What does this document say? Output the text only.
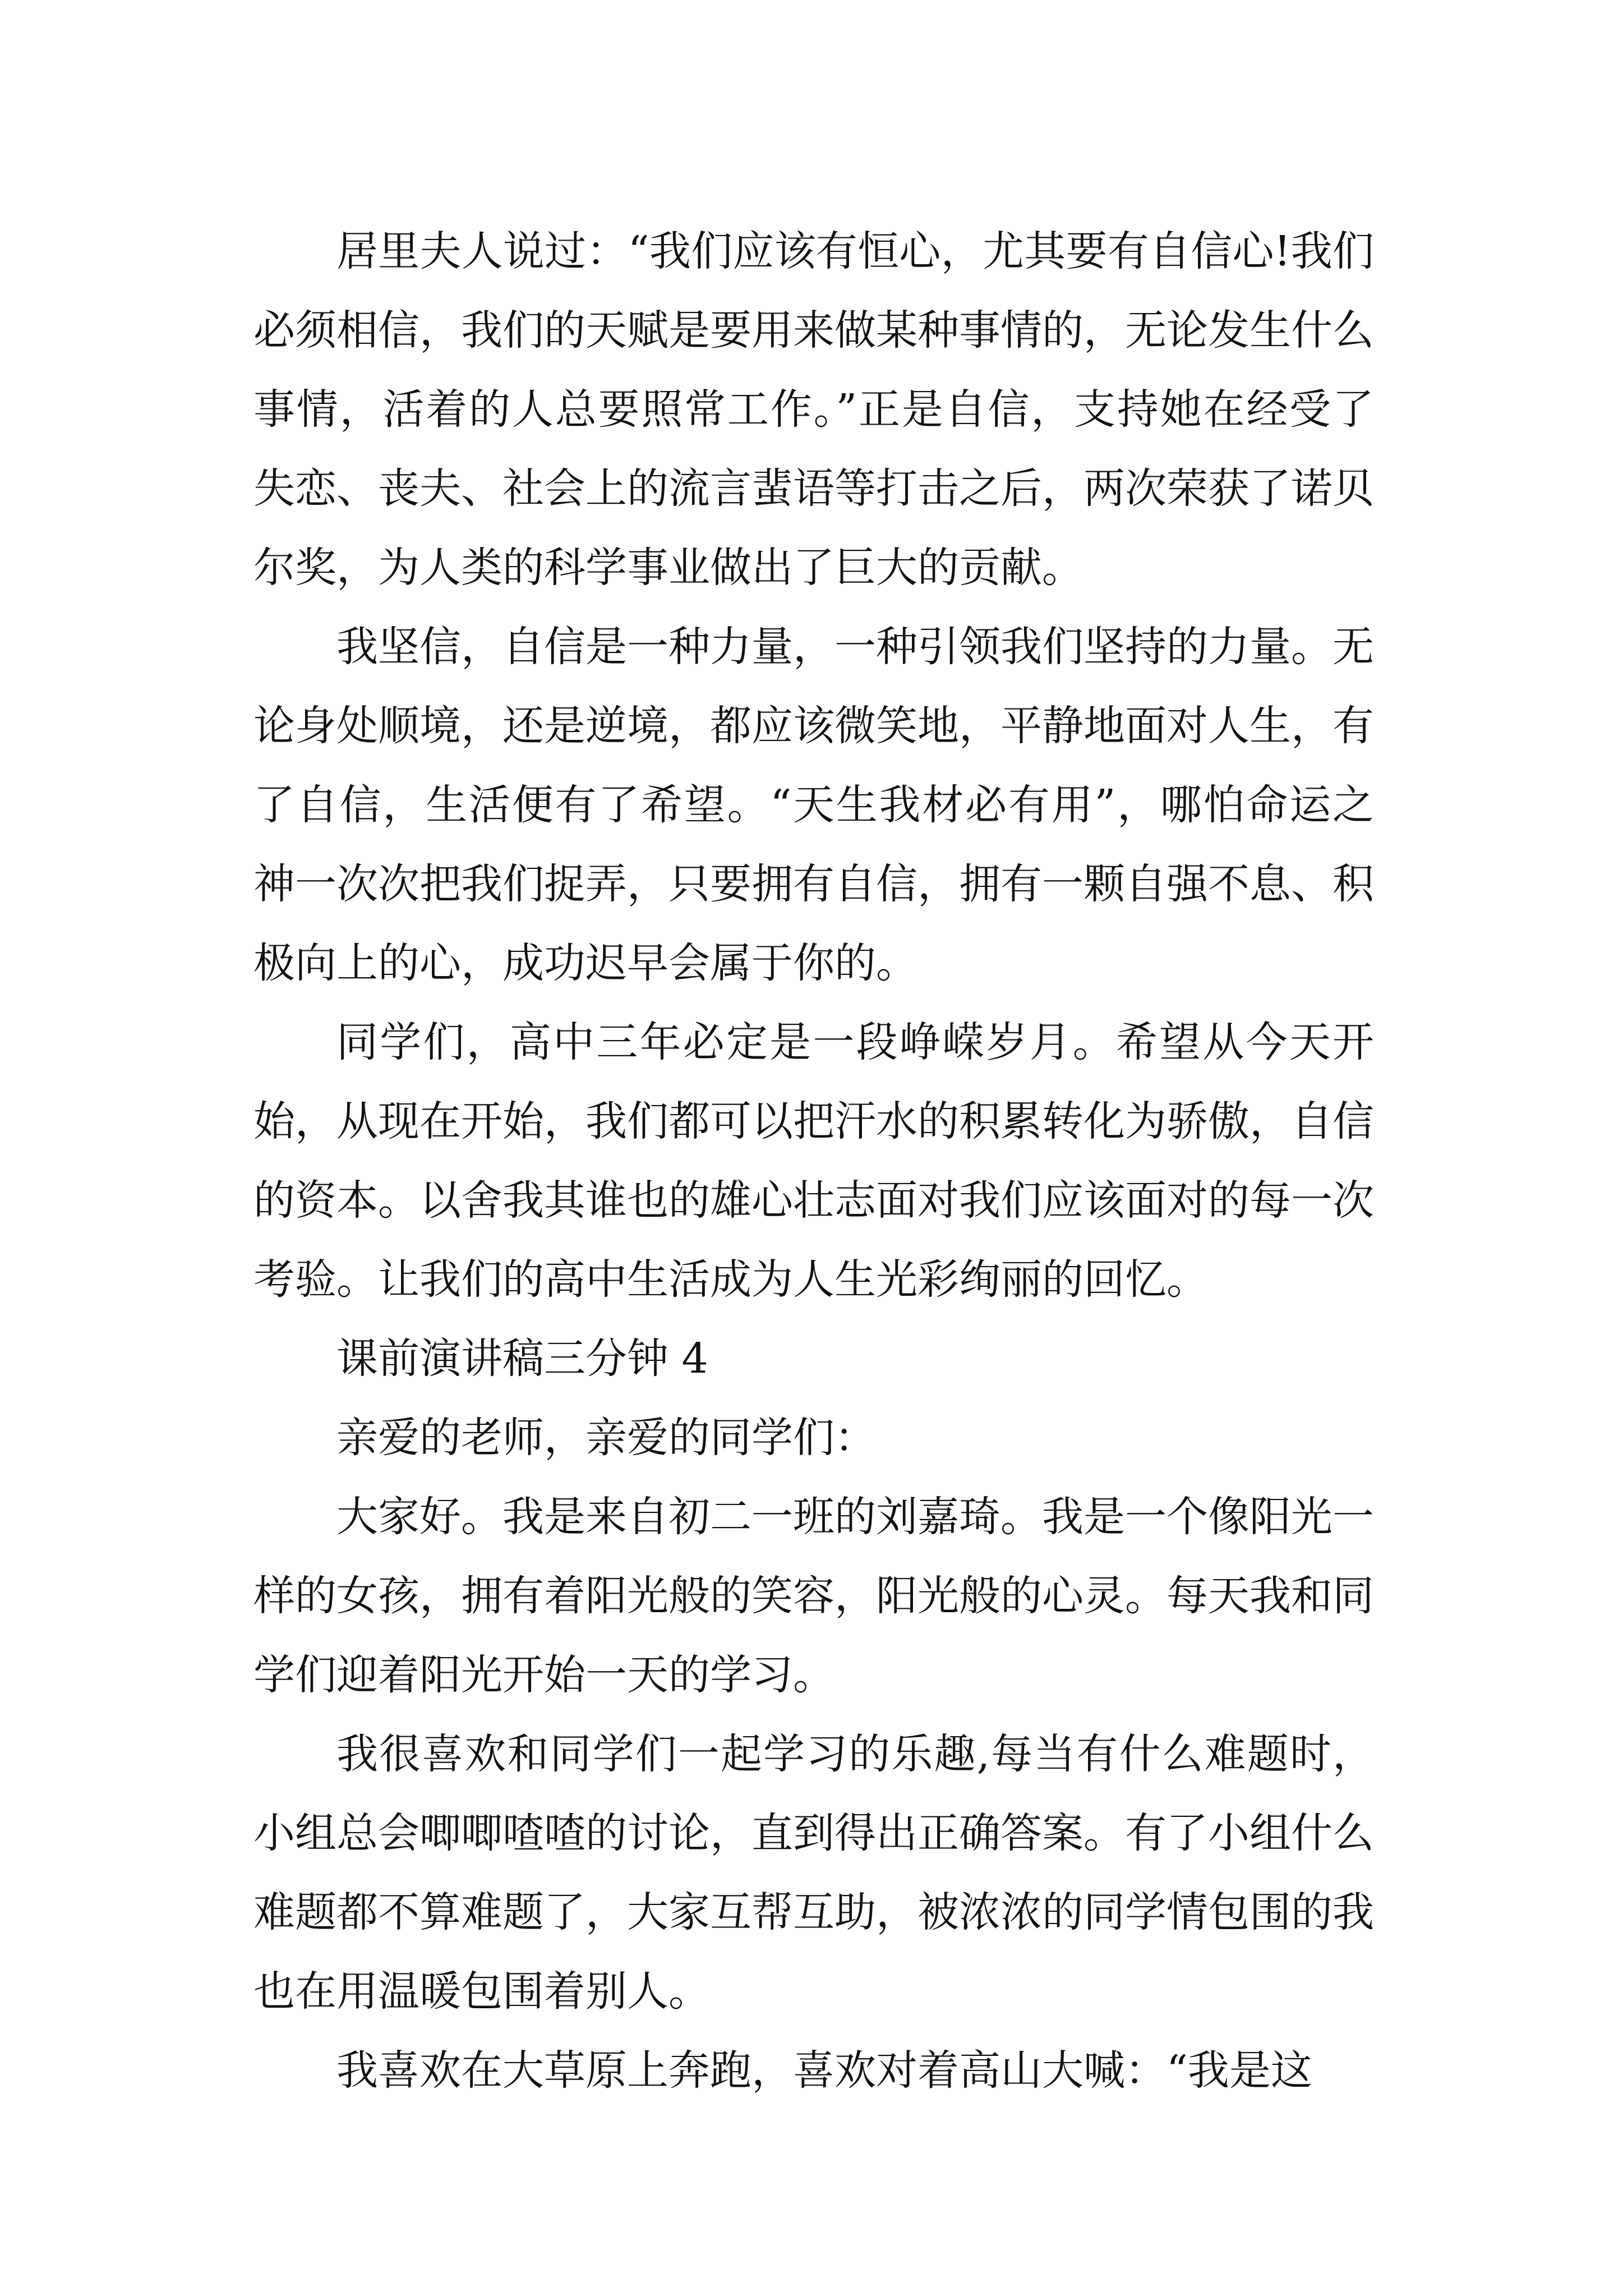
居里夫人说过：“我们应该有恒心，尤其要有自信心!我们必须相信，我们的天赋是要用来做某种事情的，无论发生什么事情，活着的人总要照常工作。”正是自信，支持她在经受了失恋、丧夫、社会上的流言蜚语等打击之后，两次荣获了诺贝尔奖，为人类的科学事业做出了巨大的贡献。

我坚信，自信是一种力量，一种引领我们坚持的力量。无论身处顺境，还是逆境，都应该微笑地，平静地面对人生，有了自信，生活便有了希望。“天生我材必有用”，哪怕命运之神一次次把我们捉弄，只要拥有自信，拥有一颗自强不息、积极向上的心，成功迟早会属于你的。

同学们，高中三年必定是一段峥嵘岁月。希望从今天开始，从现在开始，我们都可以把汗水的积累转化为骄傲，自信的资本。以舍我其谁也的雄心壮志面对我们应该面对的每一次考验。让我们的高中生活成为人生光彩绚丽的回忆。

课前演讲稿三分钟 4

亲爱的老师，亲爱的同学们：

大家好。我是来自初二一班的刘嘉琦。我是一个像阳光一样的女孩，拥有着阳光般的笑容，阳光般的心灵。每天我和同学们迎着阳光开始一天的学习。

我很喜欢和同学们一起学习的乐趣,每当有什么难题时，小组总会唧唧喳喳的讨论，直到得出正确答案。有了小组什么难题都不算难题了，大家互帮互助，被浓浓的同学情包围的我也在用温暖包围着别人。

我喜欢在大草原上奔跑，喜欢对着高山大喊：“我是这
